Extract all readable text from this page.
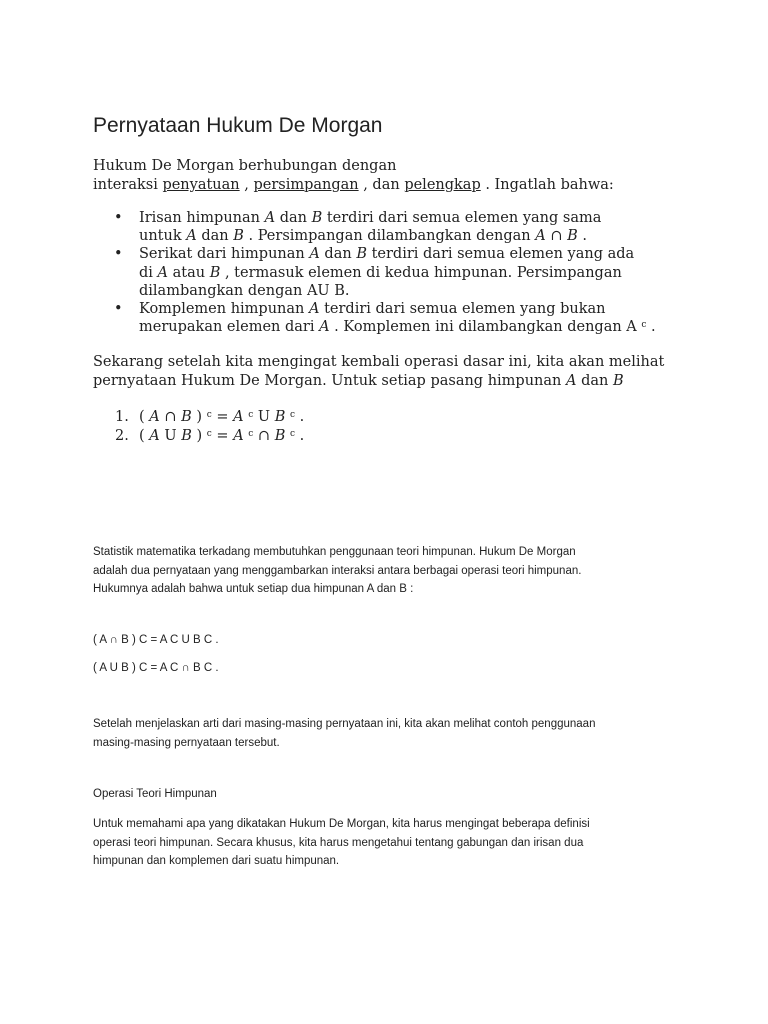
Pernyataan Hukum De Morgan

Hukum De Morgan berhubungan dengan
interaksi penyatuan , persimpangan , dan pelengkap . Ingatlah bahwa:

• Irisan himpunan A dan B terdiri dari semua elemen yang sama
untuk A dan B . Persimpangan dilambangkan dengan A ∩ B .
• Serikat dari himpunan A dan B terdiri dari semua elemen yang ada
di A atau B , termasuk elemen di kedua himpunan. Persimpangan
dilambangkan dengan AU B.
• Komplemen himpunan A terdiri dari semua elemen yang bukan
merupakan elemen dari A . Komplemen ini dilambangkan dengan A $^c$ .

Sekarang setelah kita mengingat kembali operasi dasar ini, kita akan melihat
pernyataan Hukum De Morgan. Untuk setiap pasang himpunan A dan B

1. ( A ∩ B ) $^c$ = A $^c$ U B $^c$ .
2. ( A U B ) $^c$ = A $^c$ ∩ B $^c$ .

Statistik matematika terkadang membutuhkan penggunaan teori himpunan. Hukum De Morgan
adalah dua pernyataan yang menggambarkan interaksi antara berbagai operasi teori himpunan.
Hukumnya adalah bahwa untuk setiap dua himpunan A dan B :

( A ∩ B ) C = A C U B C .

( A U B ) C = A C ∩ B C .

Setelah menjelaskan arti dari masing-masing pernyataan ini, kita akan melihat contoh penggunaan
masing-masing pernyataan tersebut.

Operasi Teori Himpunan

Untuk memahami apa yang dikatakan Hukum De Morgan, kita harus mengingat beberapa definisi
operasi teori himpunan. Secara khusus, kita harus mengetahui tentang gabungan dan irisan dua
himpunan dan komplemen dari suatu himpunan.
